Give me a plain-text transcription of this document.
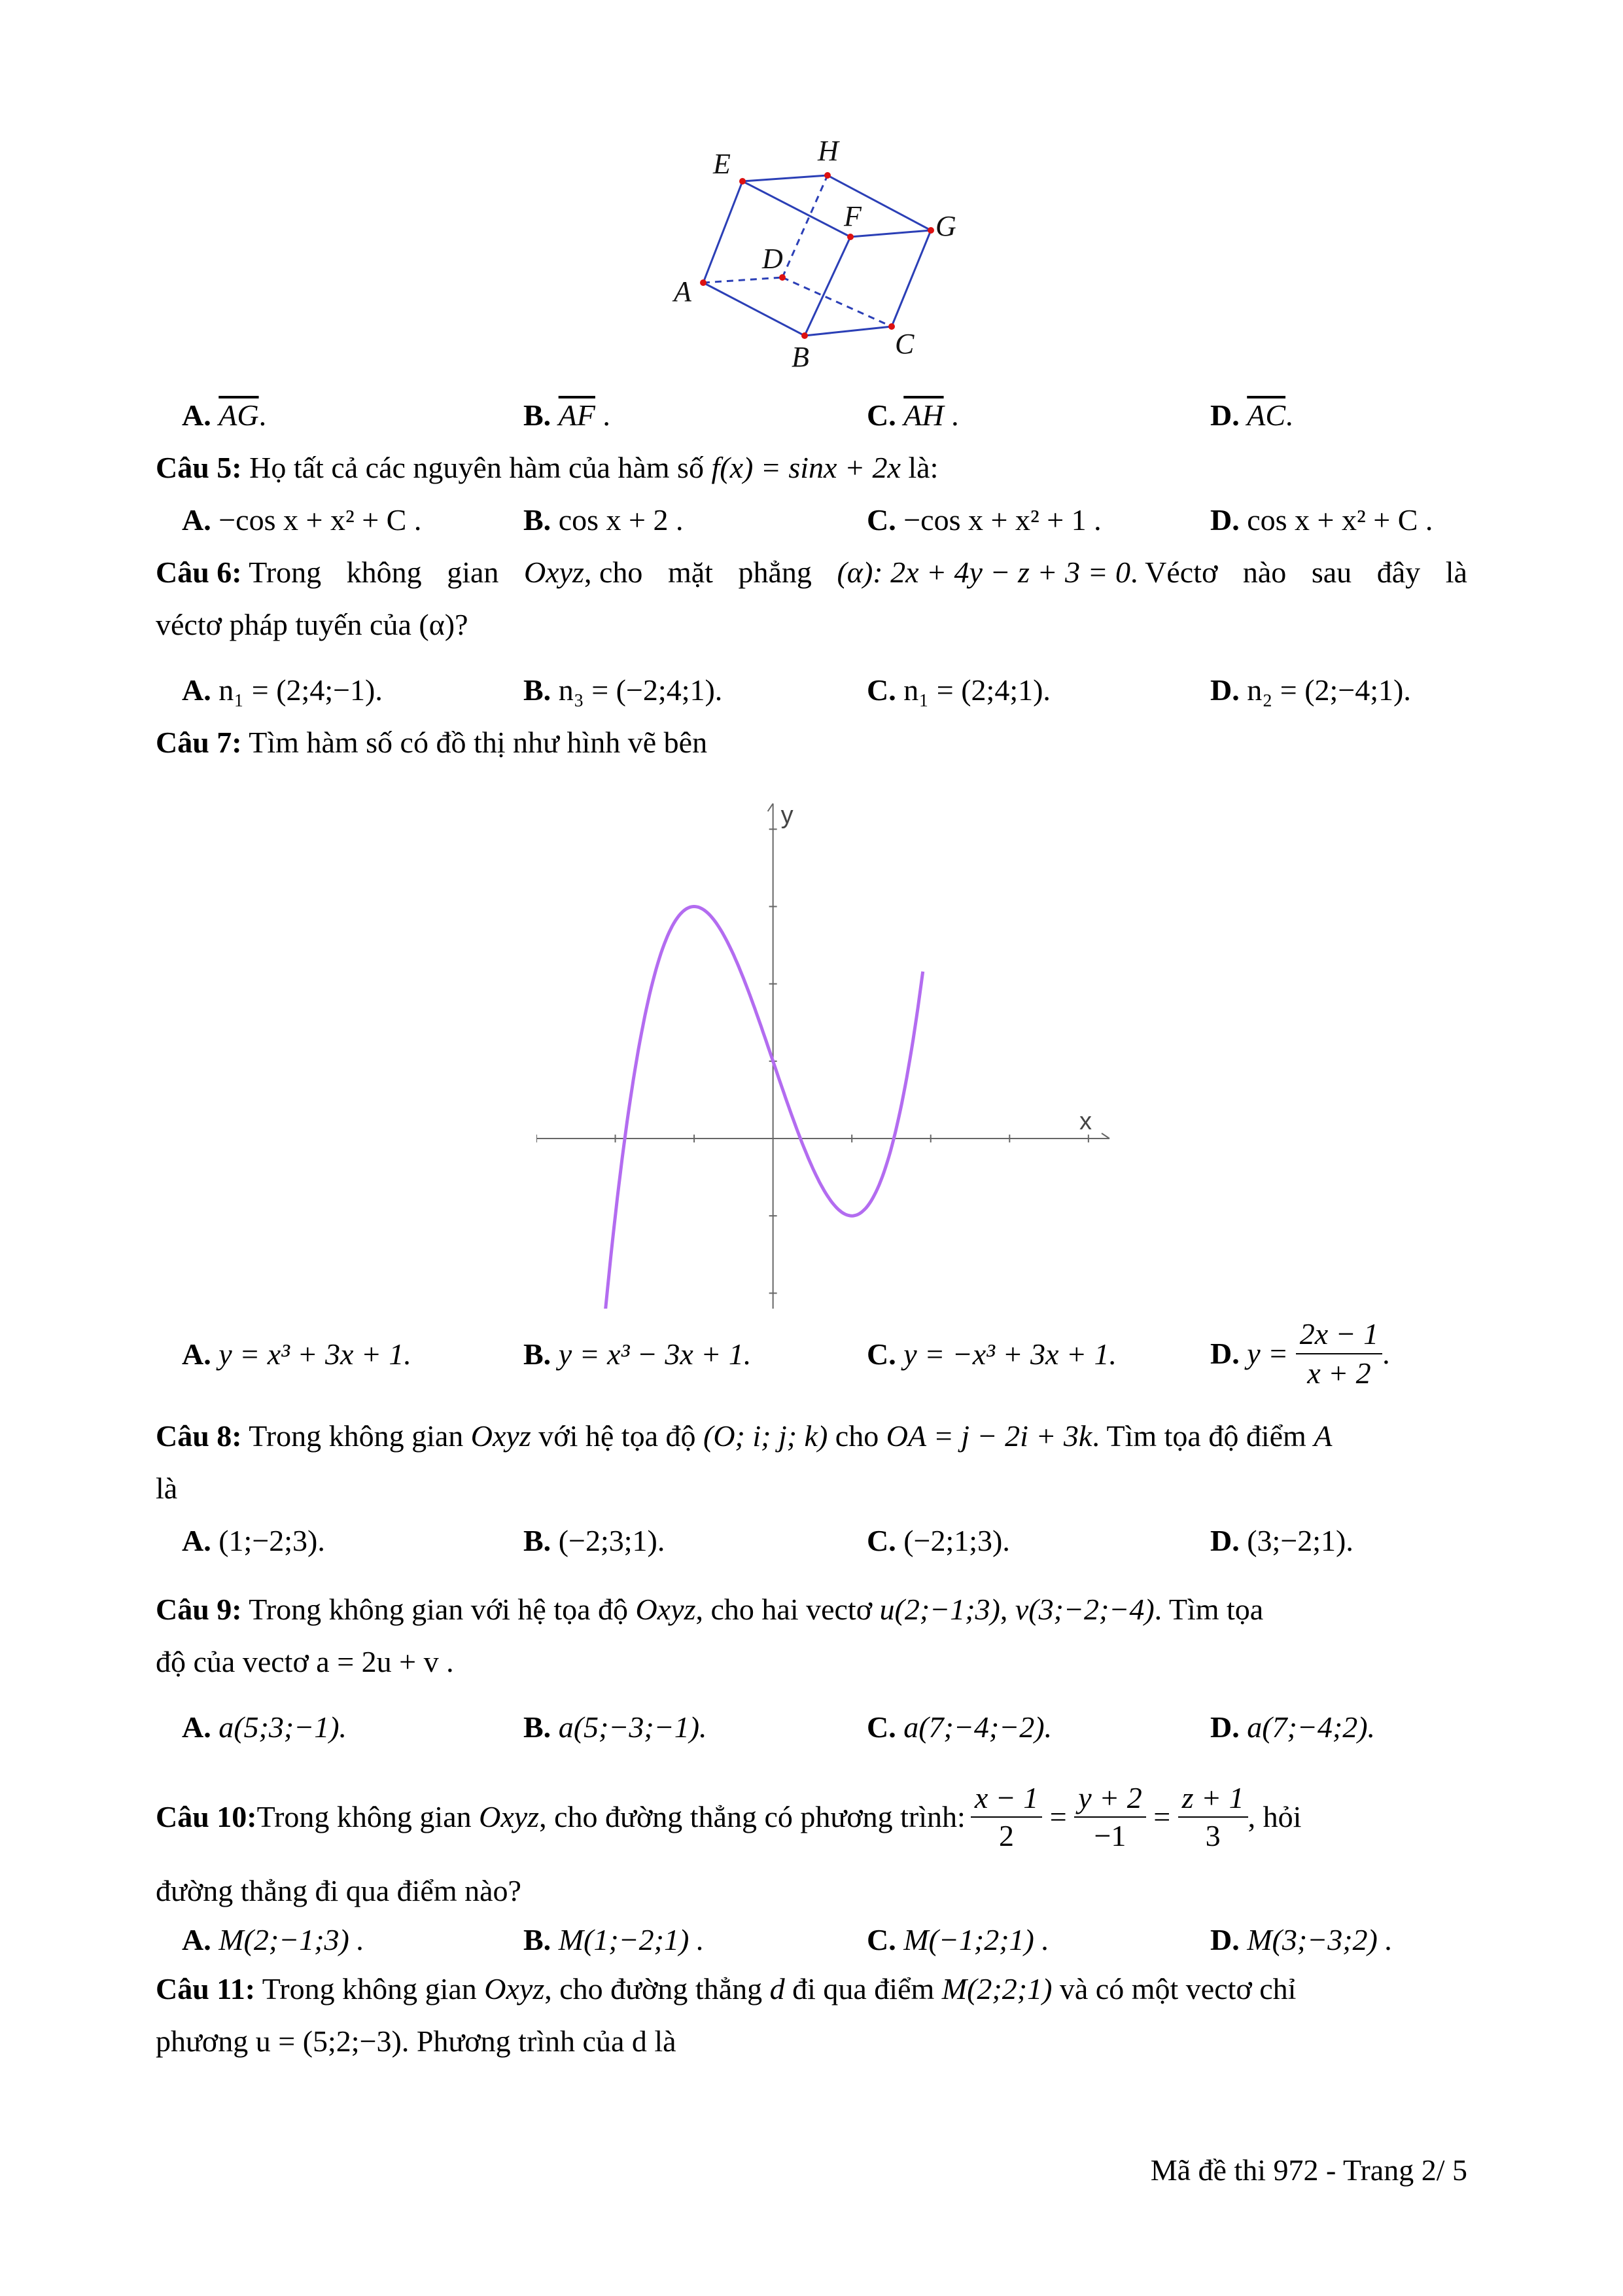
E	H
F	G
D
A
B	C
A. $\overline{AG}$.	B. $\overline{AF}$ .	C. $\overline{AH}$ .	D. $\overline{AC}$.
Câu 5: Họ tất cả các nguyên hàm của hàm số f(x) = sinx + 2x là:
A. −cos x + x² + C .	B. cos x + 2 .	C. −cos x + x² + 1 .	D. cos x + x² + C .
Câu 6: Trong không gian Oxyz, cho mặt phẳng (α): 2x + 4y − z + 3 = 0. Véctơ nào sau đây là
véctơ pháp tuyến của (α)?
A. n₁ = (2;4;−1).	B. n₃ = (−2;4;1).	C. n₁ = (2;4;1).	D. n₂ = (2;−4;1).
Câu 7: Tìm hàm số có đồ thị như hình vẽ bên
x
y
A. y = x³ + 3x + 1.	B. y = x³ − 3x + 1.	C. y = −x³ + 3x + 1.	D.
y =
$\frac{2x - 1}{x + 2}$ .
Câu 8: Trong không gian Oxyz với hệ tọa độ (O; i; j; k) cho OA = j − 2i + 3k. Tìm tọa độ điểm A
là
A. (1;−2;3).	B. (−2;3;1).	C. (−2;1;3).	D. (3;−2;1).
Câu 9: Trong không gian với hệ tọa độ Oxyz, cho hai vectơ u(2;−1;3), v(3;−2;−4). Tìm tọa
độ của vectơ a = 2u + v .
A. a(5;3;−1).	B. a(5;−3;−1).	C. a(7;−4;−2).	D. a(7;−4;2).
Câu 10: Trong không gian
Oxyz , cho đường thẳng có phương trình: $\frac{x - 1}{2} = \frac{y + 2}{-1} = \frac{z + 1}{3}$ , hỏi
đường thẳng đi qua điểm nào?
A. M(2;−1;3) .	B. M(1;−2;1) .	C. M(−1;2;1) .	D. M(3;−3;2) .
Câu 11: Trong không gian Oxyz, cho đường thẳng d đi qua điểm M(2;2;1) và có một vectơ chỉ
phương u = (5;2;−3). Phương trình của d là
Mã đề thi 972 - Trang 2/ 5
